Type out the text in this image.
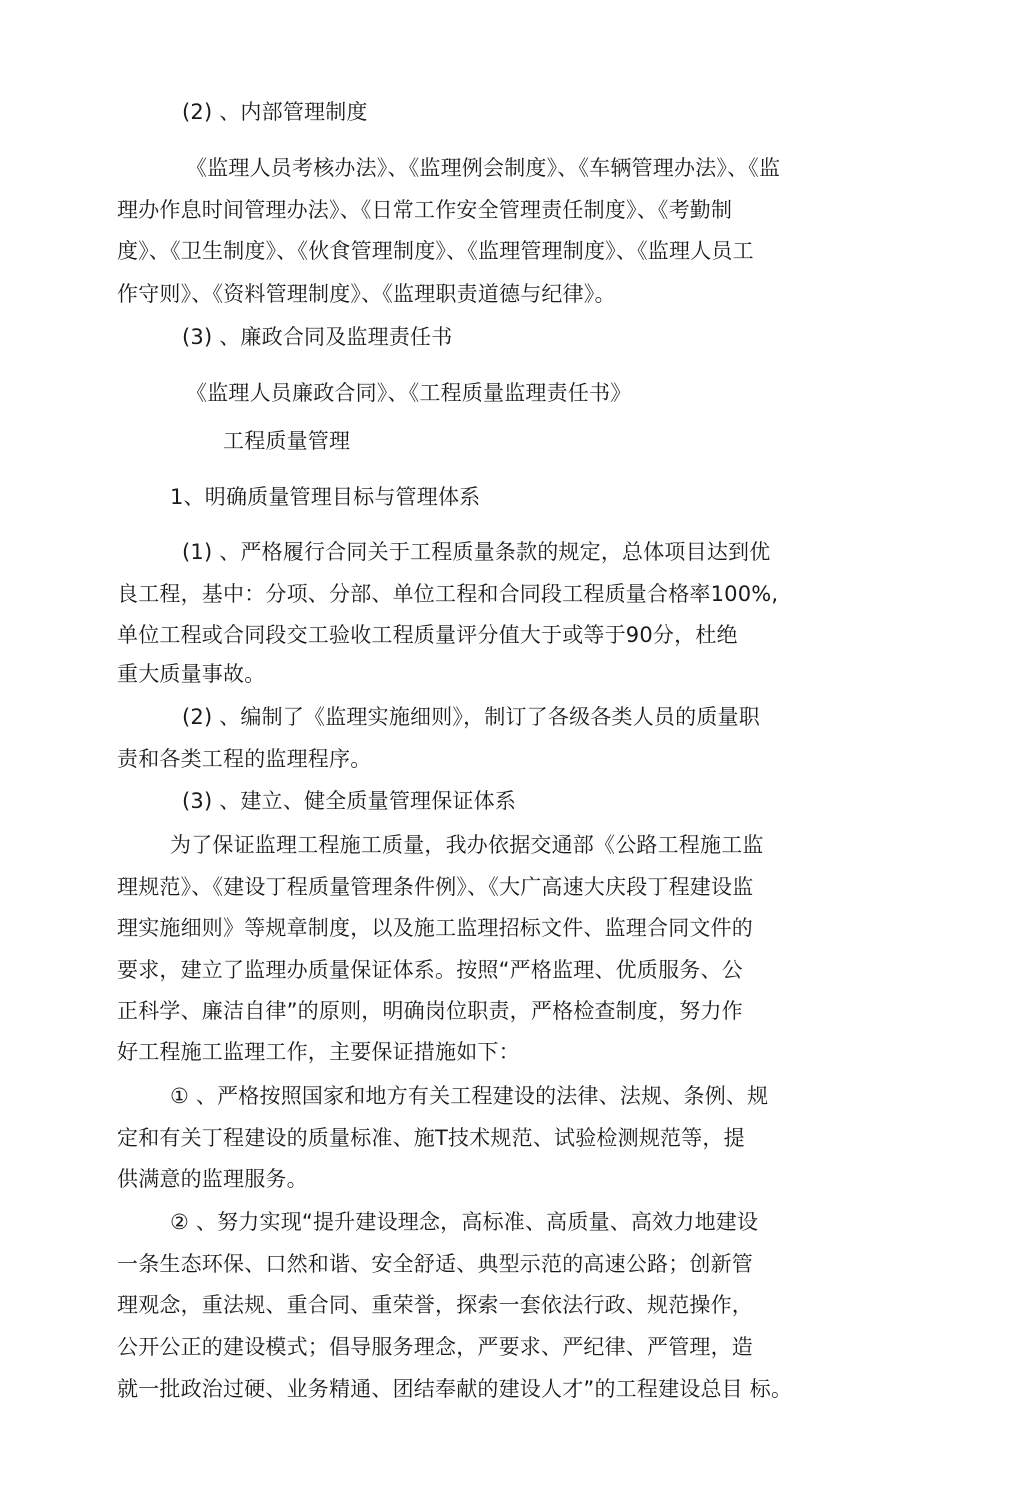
(2) 、内部管理制度
《监理人员考核办法》、《监理例会制度》、《车辆管理办法》、《监
理办作息时间管理办法》、《日常工作安全管理责任制度》、《考勤制
度》、《卫生制度》、《伙食管理制度》、《监理管理制度》、《监理人员工
作守则》、《资料管理制度》、《监理职责道德与纪律》。
(3) 、廉政合同及监理责任书
《监理人员廉政合同》、《工程质量监理责任书》
工程质量管理
1、明确质量管理目标与管理体系
(1) 、严格履行合同关于工程质量条款的规定，总体项目达到优
良工程，基中：分项、分部、单位工程和合同段工程质量合格率100%,
单位工程或合同段交工验收工程质量评分值大于或等于90分，杜绝
重大质量事故。
(2) 、编制了《监理实施细则》，制订了各级各类人员的质量职
责和各类工程的监理程序。
(3) 、建立、健全质量管理保证体系
为了保证监理工程施工质量，我办依据交通部《公路工程施工监
理规范》、《建设丁程质量管理条件例》、《大广高速大庆段丁程建设监
理实施细则》等规章制度，以及施工监理招标文件、监理合同文件的
要求，建立了监理办质量保证体系。按照“严格监理、优质服务、公
正科学、廉洁自律”的原则，明确岗位职责，严格检查制度，努力作
好工程施工监理工作，主要保证措施如下：
① 、严格按照国家和地方有关工程建设的法律、法规、条例、规
定和有关丁程建设的质量标准、施T技术规范、试验检测规范等，提
供满意的监理服务。
② 、努力实现“提升建设理念，高标准、高质量、高效力地建设
一条生态环保、口然和谐、安全舒适、典型示范的高速公路；创新管
理观念，重法规、重合同、重荣誉，探索一套依法行政、规范操作，
公开公正的建设模式；倡导服务理念，严要求、严纪律、严管理，造
就一批政治过硬、业务精通、团结奉献的建设人才”的工程建设总目 标。
